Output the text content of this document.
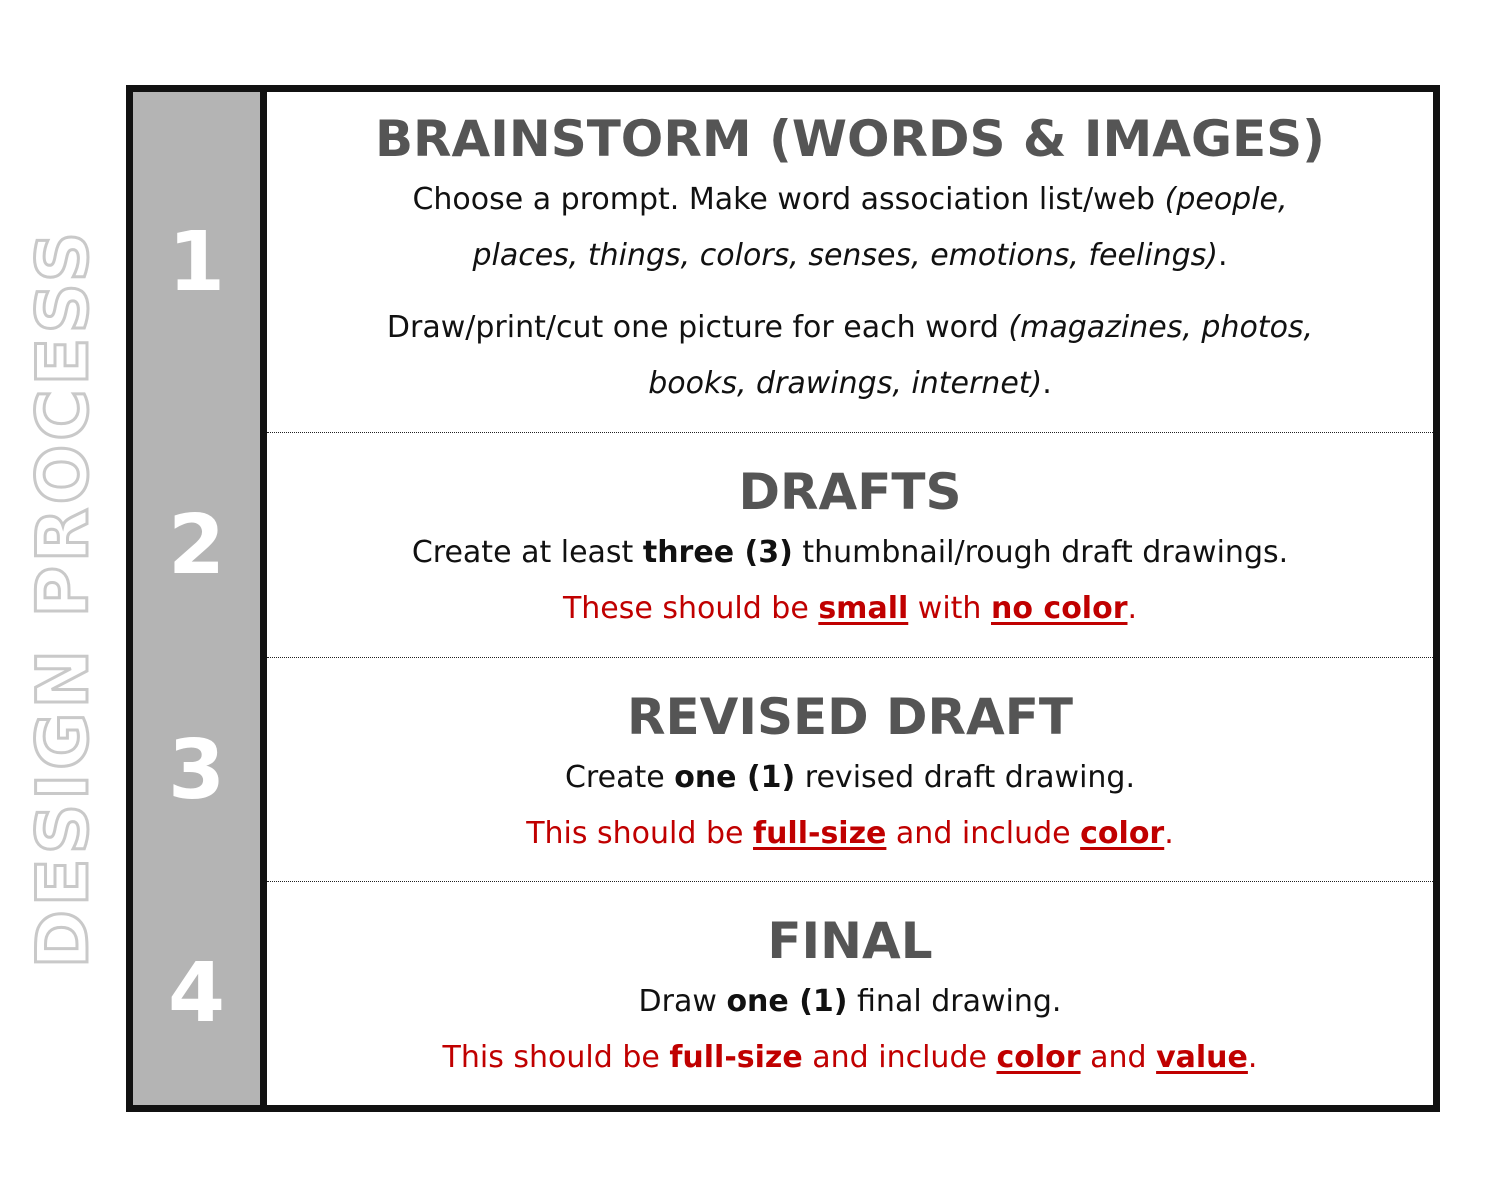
DESIGN PROCESS 1
2
3
4
BRAINSTORM (WORDS & IMAGES)
Choose a prompt. Make word association list/web (people,
places, things, colors, senses, emotions, feelings).
Draw/print/cut one picture for each word (magazines, photos,
books, drawings, internet).
DRAFTS
Create at least three (3) thumbnail/rough draft drawings.
These should be small with no color.
REVISED DRAFT
Create one (1) revised draft drawing.
This should be full-size and include color.
FINAL
Draw one (1) final drawing.
This should be full-size and include color and value.
